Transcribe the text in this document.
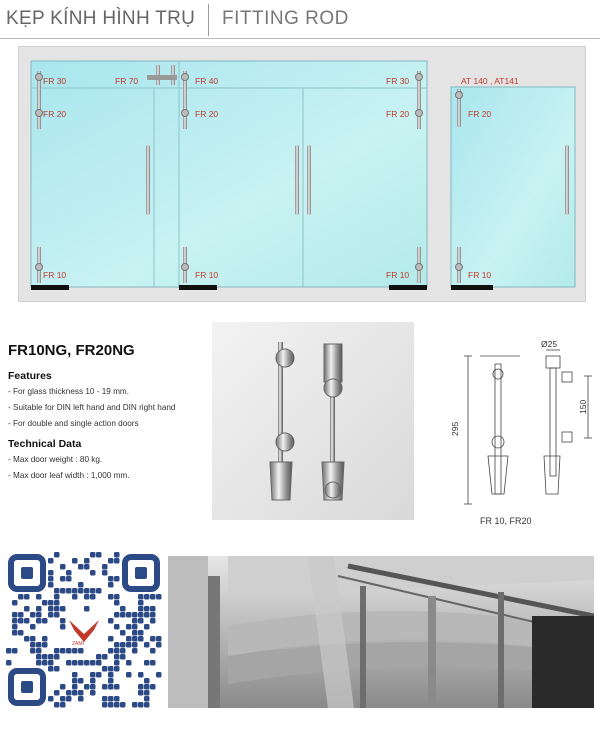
KẸP KÍNH HÌNH TRỤ FITTING ROD
FR 30	FR 70	FR 40	FR 30	AT 140 , AT141
FR 20	FR 20	FR 20	FR 20
FR 10	FR 10	FR 10	FR 10
FR10NG, FR20NG
Features
- For glass thickness 10 - 19 mm.
- Suitable for DIN left hand and DIN right hand
- For double and single action doors
Technical Data
- Max door weight : 80 kg.
- Max door leaf width : 1,000 mm.
Ø25
295
150
FR 10, FR20
ZAMI
